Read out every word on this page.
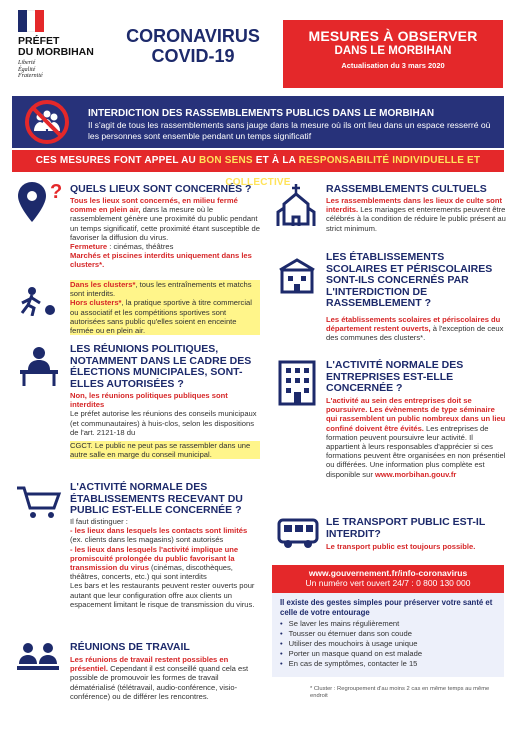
PRÉFET
DU MORBIHAN
Liberté
Égalité
Fraternité
CORONAVIRUS
COVID-19
MESURES À OBSERVER
DANS LE MORBIHAN
Actualisation du 3 mars 2020
INTERDICTION DES RASSEMBLEMENTS PUBLICS DANS LE MORBIHAN
Il s'agit de tous les rassemblements sans jauge dans la mesure où ils ont lieu dans un espace resserré où les personnes sont ensemble pendant un temps significatif
CES MESURES FONT APPEL AU BON SENS ET À LA RESPONSABILITÉ INDIVIDUELLE ET COLLECTIVE
? QUELS LIEUX SONT CONCERNÉS ?
Tous les lieux sont concernés, en milieu fermé comme en plein air, dans la mesure où le rassemblement génère une proximité du public pendant un temps significatif, cette proximité étant susceptible de favoriser la diffusion du virus.
Fermeture : cinémas, théâtres
Marchés et piscines interdits uniquement dans les clusters*.
Dans les clusters*, tous les entraînements et matchs sont interdits.
Hors clusters*, la pratique sportive à titre commercial ou associatif et les compétitions sportives sont autorisées sans public qu'elles soient en enceinte fermée ou en plein air.
LES RÉUNIONS POLITIQUES, NOTAMMENT DANS LE CADRE DES ÉLECTIONS MUNICIPALES, SONT-ELLES AUTORISÉES ?
Non, les réunions politiques publiques sont interdites
Le préfet autorise les réunions des conseils municipaux (et communautaires) à huis-clos, selon les dispositions de l'art. 2121-18 du
CGCT. Le public ne peut pas se rassembler dans une autre salle en marge du conseil municipal.
L'ACTIVITÉ NORMALE DES ÉTABLISSEMENTS RECEVANT DU PUBLIC EST-ELLE CONCERNÉE ?
Il faut distinguer :
- les lieux dans lesquels les contacts sont limités (ex. clients dans les magasins) sont autorisés
- les lieux dans lesquels l'activité implique une promiscuité prolongée du public favorisant la transmission du virus (cinémas, discothèques, théâtres, concerts, etc.) qui sont interdits
Les bars et les restaurants peuvent rester ouverts pour autant que leur configuration offre aux clients un espacement limitant le risque de transmission du virus.
RÉUNIONS DE TRAVAIL
Les réunions de travail restent possibles en présentiel. Cependant il est conseillé quand cela est possible de promouvoir les formes de travail dématérialisé (télétravail, audio-conférence, visio-conférence) ou de différer les rencontres.
RASSEMBLEMENTS CULTUELS
Les rassemblements dans les lieux de culte sont interdits. Les mariages et enterrements peuvent être célébrés à la condition de réduire le public présent au strict minimum.
LES ÉTABLISSEMENTS SCOLAIRES ET PÉRISCOLAIRES SONT-ILS CONCERNÉS PAR L'INTERDICTION DE RASSEMBLEMENT ?
Les établissements scolaires et périscolaires du département restent ouverts, à l'exception de ceux des communes des clusters*.
L'ACTIVITÉ NORMALE DES ENTREPRISES EST-ELLE CONCERNÉE ?
L'activité au sein des entreprises doit se poursuivre. Les évènements de type séminaire qui rassemblent un public nombreux dans un lieu confiné doivent être évités. Les entreprises de formation peuvent poursuivre leur activité. Il appartient à leurs responsables d'apprécier si ces formations peuvent être organisées en non présentiel ou différées. Une information plus complète est disponible sur www.morbihan.gouv.fr
LE TRANSPORT PUBLIC EST-IL INTERDIT?
Le transport public est toujours possible.
www.gouvernement.fr/info-coronavirus
Un numéro vert ouvert 24/7 : 0 800 130 000
Il existe des gestes simples pour préserver votre santé et celle de votre entourage
• Se laver les mains régulièrement
• Tousser ou éternuer dans son coude
• Utiliser des mouchoirs à usage unique
• Porter un masque quand on est malade
• En cas de symptômes, contacter le 15
* Cluster : Regroupement d'au moins 2 cas en même temps au même endroit
